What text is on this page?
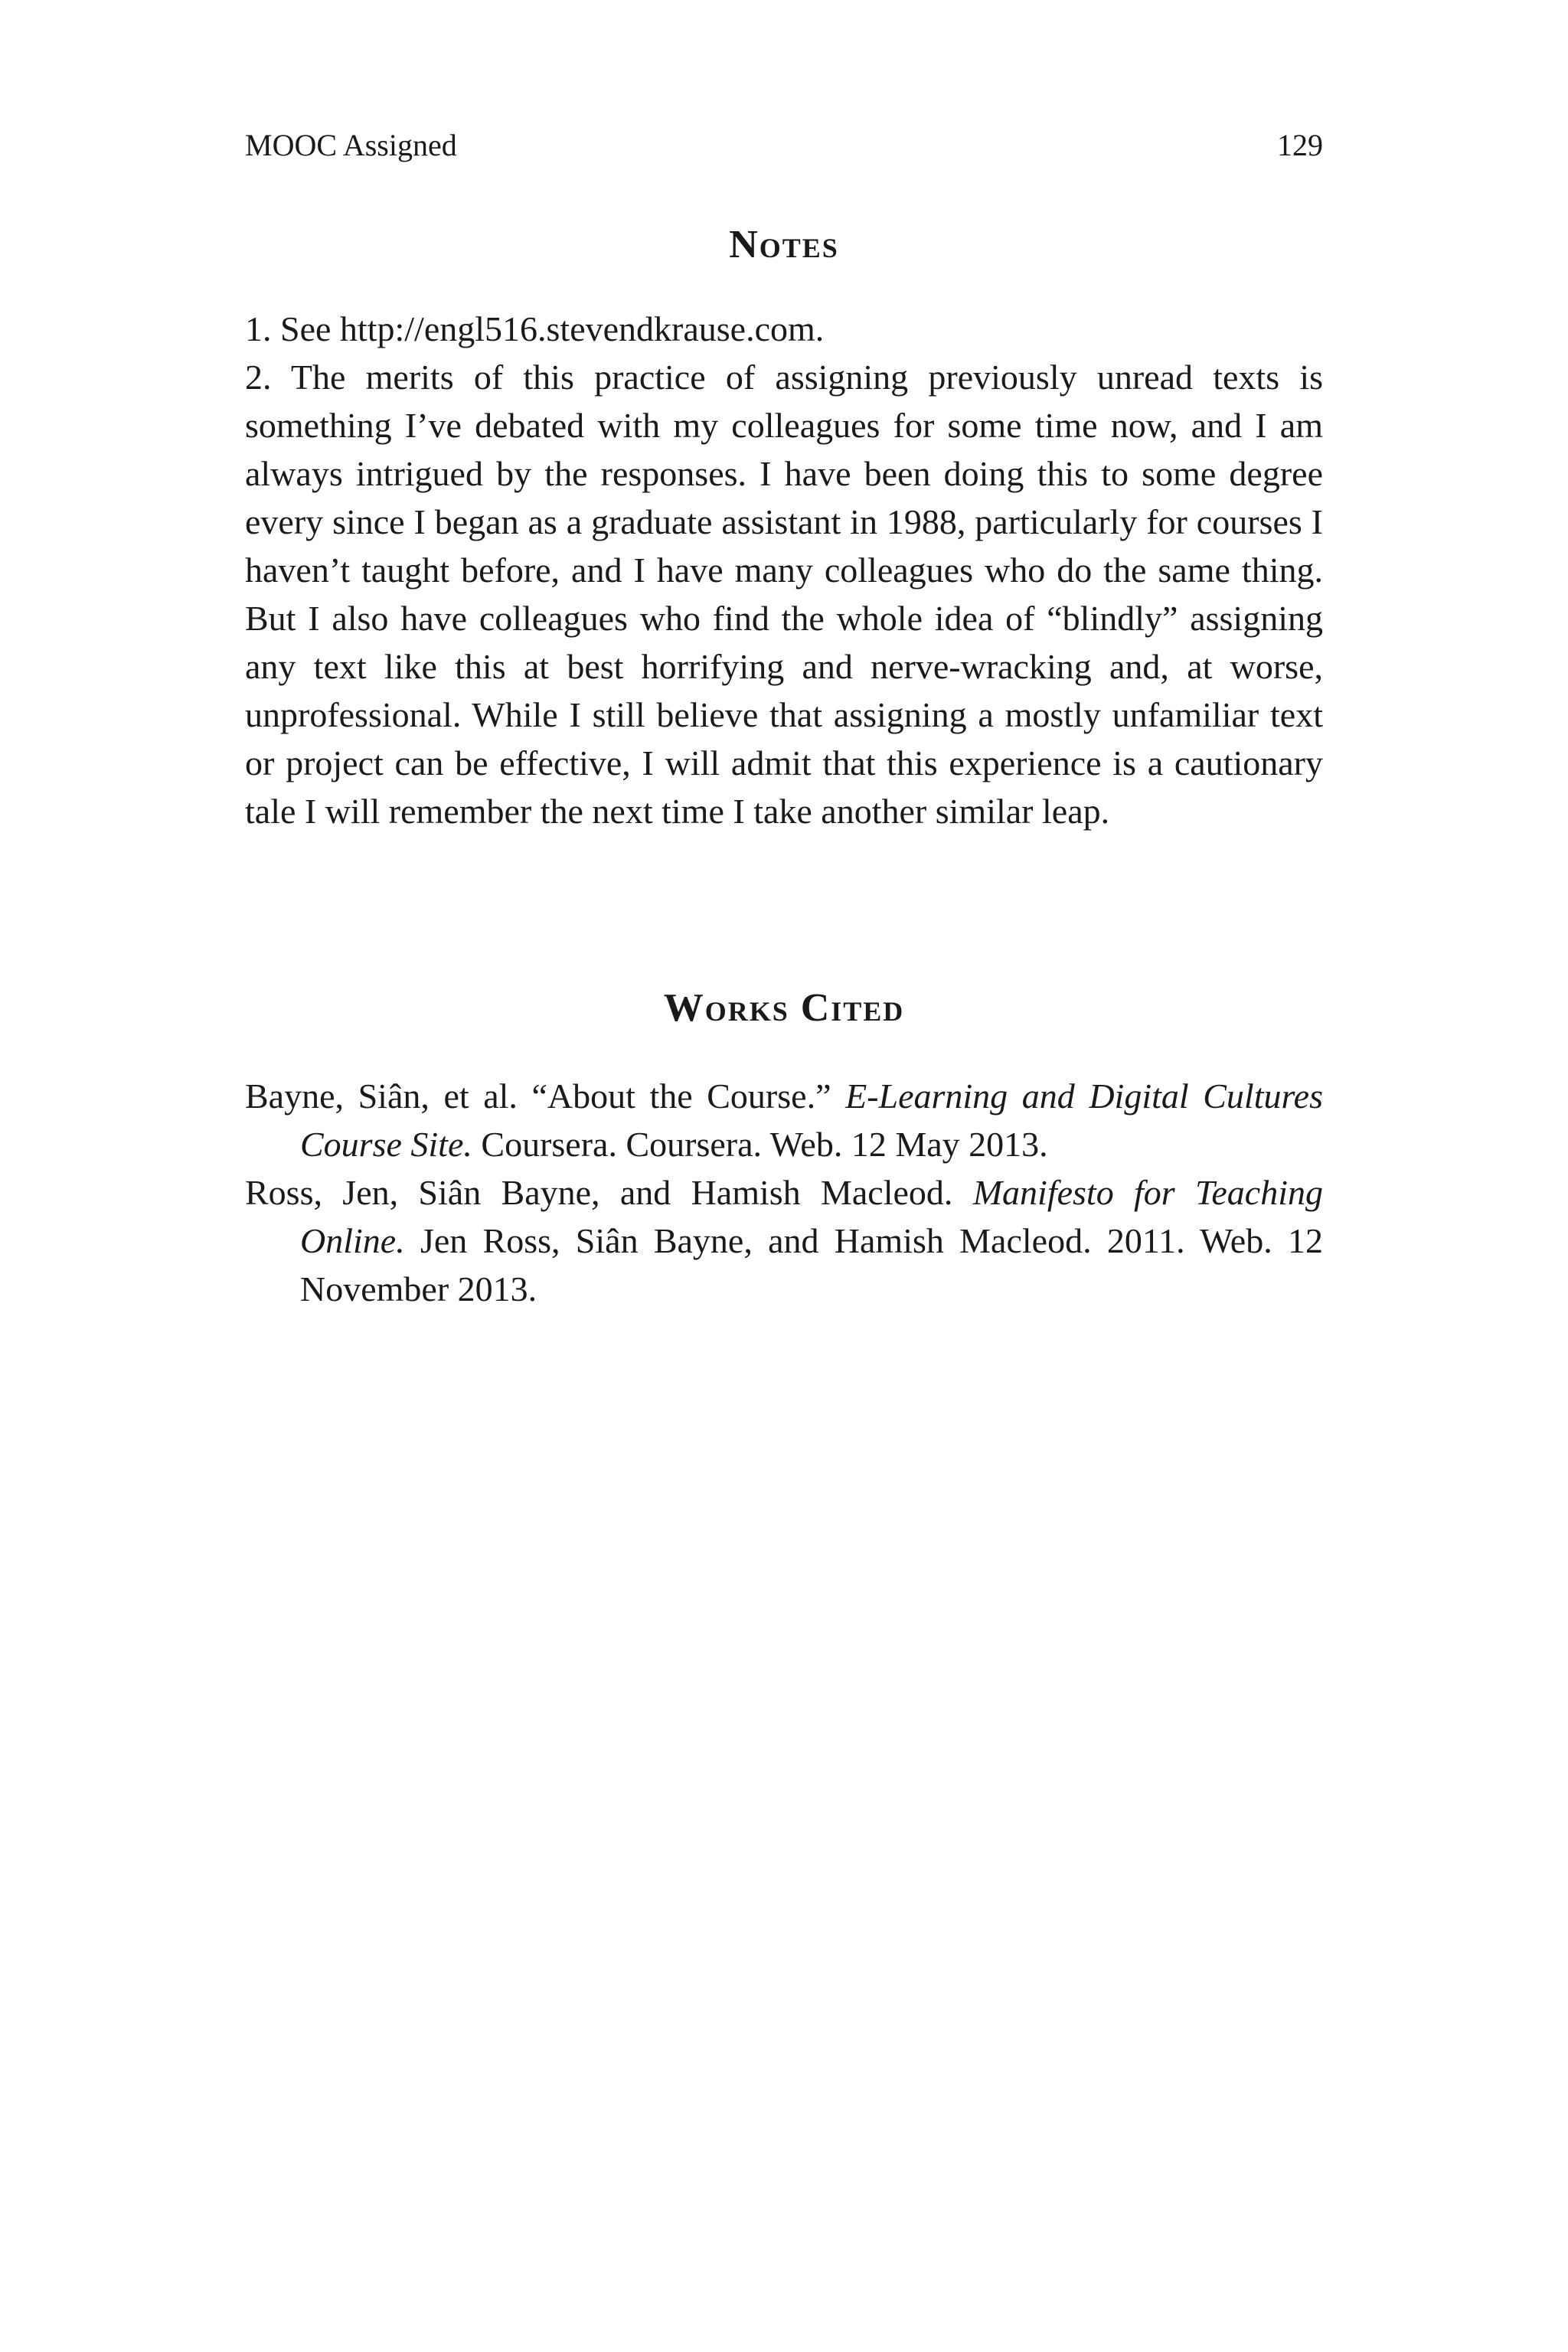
MOOC Assigned	129
Notes

1. See http://engl516.stevendkrause.com.

2. The merits of this practice of assigning previously unread texts is something I’ve debated with my colleagues for some time now, and I am always intrigued by the responses. I have been doing this to some degree every since I began as a graduate assistant in 1988, particularly for courses I haven’t taught before, and I have many colleagues who do the same thing. But I also have colleagues who find the whole idea of “blindly” assigning any text like this at best horrifying and nerve-wracking and, at worse, unprofessional. While I still believe that assigning a mostly unfamiliar text or project can be effective, I will admit that this experience is a cautionary tale I will remember the next time I take another similar leap.

Works Cited

Bayne, Siân, et al. “About the Course.” E-Learning and Digital Cultures Course Site. Coursera. Coursera. Web. 12 May 2013.

Ross, Jen, Siân Bayne, and Hamish Macleod. Manifesto for Teaching Online. Jen Ross, Siân Bayne, and Hamish Macleod. 2011. Web. 12 November 2013.
